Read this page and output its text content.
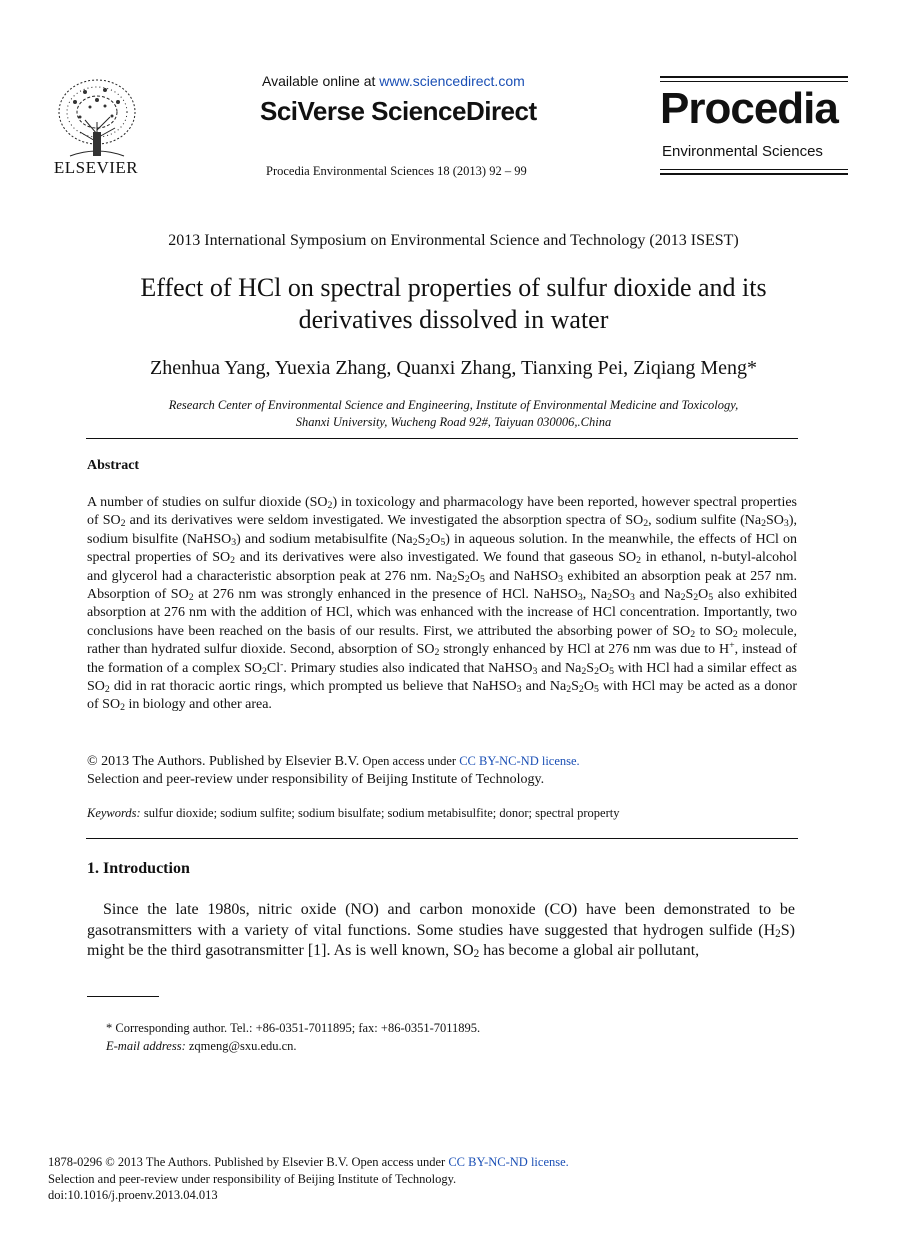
ELSEVIER
Available online at www.sciencedirect.com
SciVerse ScienceDirect
Procedia Environmental Sciences 18 (2013) 92 – 99
Procedia
Environmental Sciences
2013 International Symposium on Environmental Science and Technology (2013 ISEST)
Effect of HCl on spectral properties of sulfur dioxide and its
derivatives dissolved in water
Zhenhua Yang, Yuexia Zhang, Quanxi Zhang, Tianxing Pei, Ziqiang Meng*
Research Center of Environmental Science and Engineering, Institute of Environmental Medicine and Toxicology,
Shanxi University, Wucheng Road 92#, Taiyuan 030006,.China
Abstract
A number of studies on sulfur dioxide $(SO_2)$ in toxicology and pharmacology have been reported, however spectral properties of $SO_2$ and its derivatives were seldom investigated. We investigated the absorption spectra of $SO_2$, sodium sulfite $(Na_2SO_3)$, sodium bisulfite (NaHSO$_3$) and sodium metabisulfite $(Na_2S_2O_5)$ in aqueous solution. In the meanwhile, the effects of HCl on spectral properties of $SO_2$ and its derivatives were also investigated. We found that gaseous $SO_2$ in ethanol, n-butyl-alcohol and glycerol had a characteristic absorption peak at 276 nm. $Na_2S_2O_5$ and NaHSO$_3$ exhibited an absorption peak at 257 nm. Absorption of $SO_2$ at 276 nm was strongly enhanced in the presence of HCl. NaHSO$_3$, $Na_2SO_3$ and $Na_2S_2O_5$ also exhibited absorption at 276 nm with the addition of HCl, which was enhanced with the increase of HCl concentration. Importantly, two conclusions have been reached on the basis of our results. First, we attributed the absorbing power of $SO_2$ to $SO_2$ molecule, rather than hydrated sulfur dioxide. Second, absorption of $SO_2$ strongly enhanced by HCl at 276 nm was due to H+, instead of the formation of a complex $SO_2Cl^-$. Primary studies also indicated that NaHSO$_3$ and $Na_2S_2O_5$ with HCl had a similar effect as $SO_2$ did in rat thoracic aortic rings, which prompted us believe that NaHSO$_3$ and $Na_2S_2O_5$ with HCl may be acted as a donor of $SO_2$ in biology and other area.
© 2013 The Authors. Published by Elsevier B.V. Open access under CC BY-NC-ND license.
Selection and peer-review under responsibility of Beijing Institute of Technology.
Keywords: sulfur dioxide; sodium sulfite; sodium bisulfate; sodium metabisulfite; donor; spectral property
1. Introduction
Since the late 1980s, nitric oxide (NO) and carbon monoxide (CO) have been demonstrated to be gasotransmitters with a variety of vital functions. Some studies have suggested that hydrogen sulfide $(H_2S)$ might be the third gasotransmitter [1]. As is well known, $SO_2$ has become a global air pollutant,
* Corresponding author. Tel.: +86-0351-7011895; fax: +86-0351-7011895.
E-mail address: zqmeng@sxu.edu.cn.
1878-0296 © 2013 The Authors. Published by Elsevier B.V. Open access under CC BY-NC-ND license.
Selection and peer-review under responsibility of Beijing Institute of Technology.
doi:10.1016/j.proenv.2013.04.013
